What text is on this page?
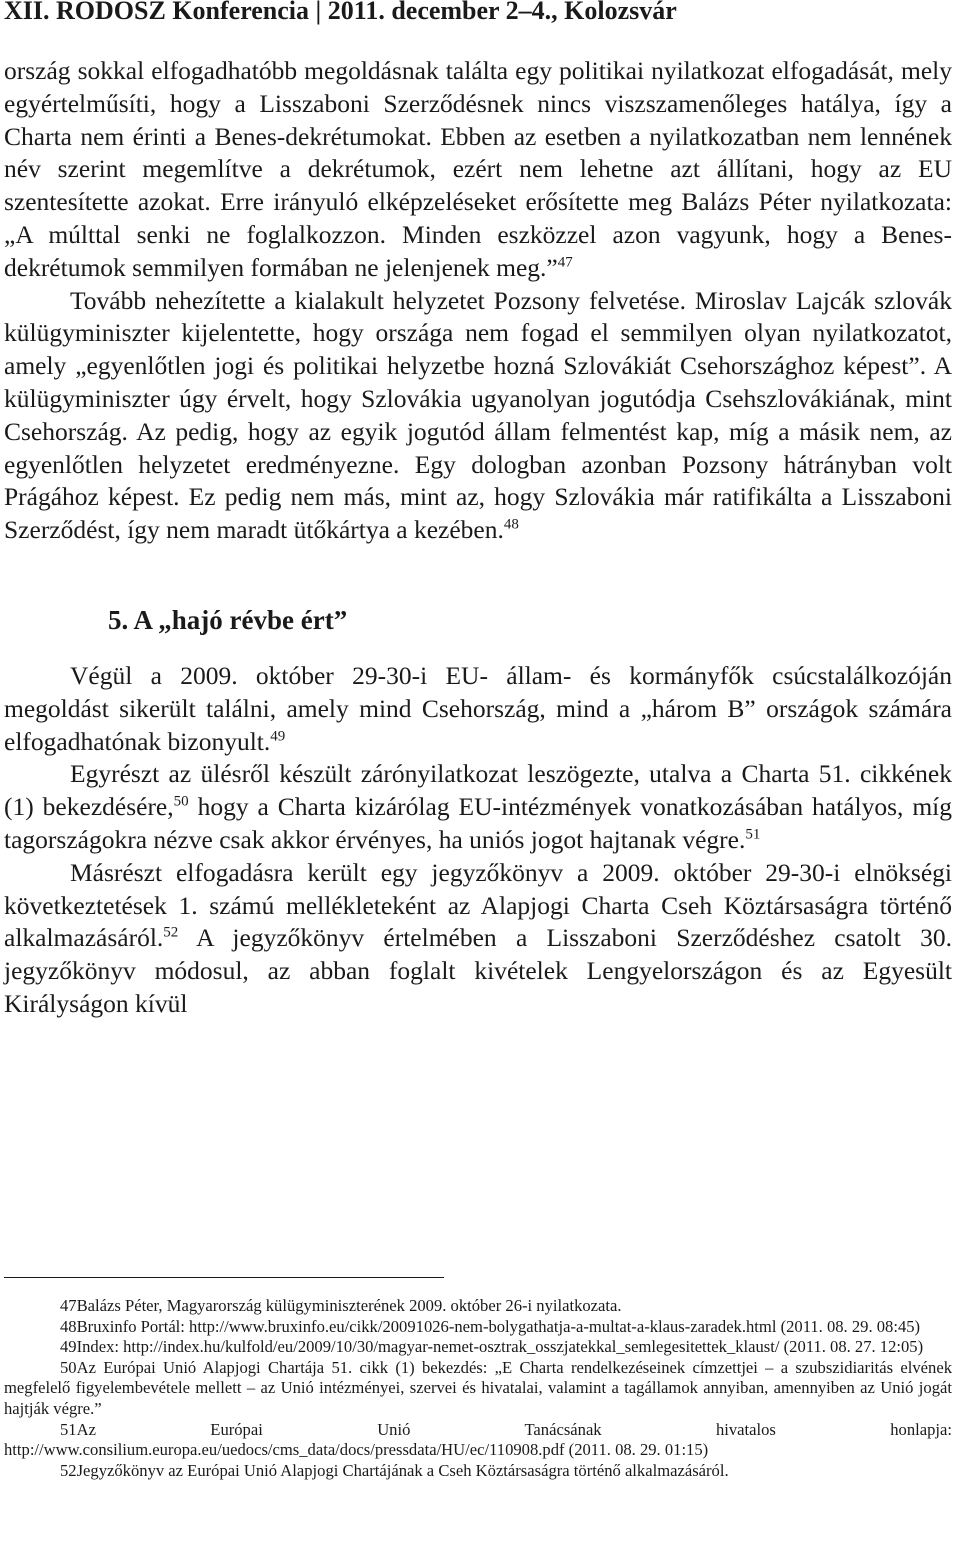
XII. RODOSZ Konferencia | 2011. december 2–4., Kolozsvár

ország sokkal elfogadhatóbb megoldásnak találta egy politikai nyilatkozat elfogadását, mely egyértelműsíti, hogy a Lisszaboni Szerződésnek nincs viszszamenőleges hatálya, így a Charta nem érinti a Benes-dekrétumokat. Ebben az esetben a nyilatkozatban nem lennének név szerint megemlítve a dekrétumok, ezért nem lehetne azt állítani, hogy az EU szentesítette azokat. Erre irányuló elképzeléseket erősítette meg Balázs Péter nyilatkozata: „A múlttal senki ne foglalkozzon. Minden eszközzel azon vagyunk, hogy a Benesdekrétumok semmilyen formában ne jelenjenek meg.”$^{47}$

Tovább nehezítette a kialakult helyzetet Pozsony felvetése. Miroslav Lajcák szlovák külügyminiszter kijelentette, hogy országa nem fogad el semmilyen olyan nyilatkozatot, amely „egyenlőtlen jogi és politikai helyzetbe hozná Szlovákiát Csehországhoz képest”. A külügyminiszter úgy érvelt, hogy Szlovákia ugyanolyan jogutódja Csehszlovákiának, mint Csehország. Az pedig, hogy az egyik jogutód állam felmentést kap, míg a másik nem, az egyenlőtlen helyzetet eredményezne. Egy dologban azonban Pozsony hátrányban volt Prágához képest. Ez pedig nem más, mint az, hogy Szlovákia már ratifikálta a Lisszaboni Szerződést, így nem maradt ütőkártya a kezében.$^{48}$

5. A „hajó révbe ért”

Végül a 2009. október 29-30-i EU- állam- és kormányfők csúcstalálkozóján megoldást sikerült találni, amely mind Csehország, mind a „három B” országok számára elfogadhatónak bizonyult.$^{49}$

Egyrészt az ülésről készült zárónyilatkozat leszögezte, utalva a Charta 51. cikkének (1) bekezdésére,$^{50}$ hogy a Charta kizárólag EU-intézmények vonatkozásában hatályos, míg tagországokra nézve csak akkor érvényes, ha uniós jogot hajtanak végre.$^{51}$

Másrészt elfogadásra került egy jegyzőkönyv a 2009. október 29-30-i elnökségi következtetések 1. számú mellékleteként az Alapjogi Charta Cseh Köztársaságra történő alkalmazásáról.$^{52}$ A jegyzőkönyv értelmében a Lisszaboni Szerződéshez csatolt 30. jegyzőkönyv módosul, az abban foglalt kivételek Lengyelországon és az Egyesült Királyságon kívül

47Balázs Péter, Magyarország külügyminiszterének 2009. október 26-i nyilatkozata.

48Bruxinfo Portál: http://www.bruxinfo.eu/cikk/20091026-nem-bolygathatja-a-multat-a-klaus-zaradek.html (2011. 08. 29. 08:45)

49Index: http://index.hu/kulfold/eu/2009/10/30/magyar-nemet-osztrak_osszjatekkal_semlegesitettek_klaust/ (2011. 08. 27. 12:05)

50Az Európai Unió Alapjogi Chartája 51. cikk (1) bekezdés: „E Charta rendelkezéseinek címzettjei – a szubszidiaritás elvének megfelelő figyelembevétele mellett – az Unió intézményei, szervei és hivatalai, valamint a tagállamok annyiban, amennyiben az Unió jogát hajtják végre.”

51Az Európai Unió Tanácsának hivatalos honlapja: http://www.consilium.europa.eu/uedocs/cms_data/docs/pressdata/HU/ec/110908.pdf (2011. 08. 29. 01:15)

52Jegyzőkönyv az Európai Unió Alapjogi Chartájának a Cseh Köztársaságra történő alkalmazásáról.
